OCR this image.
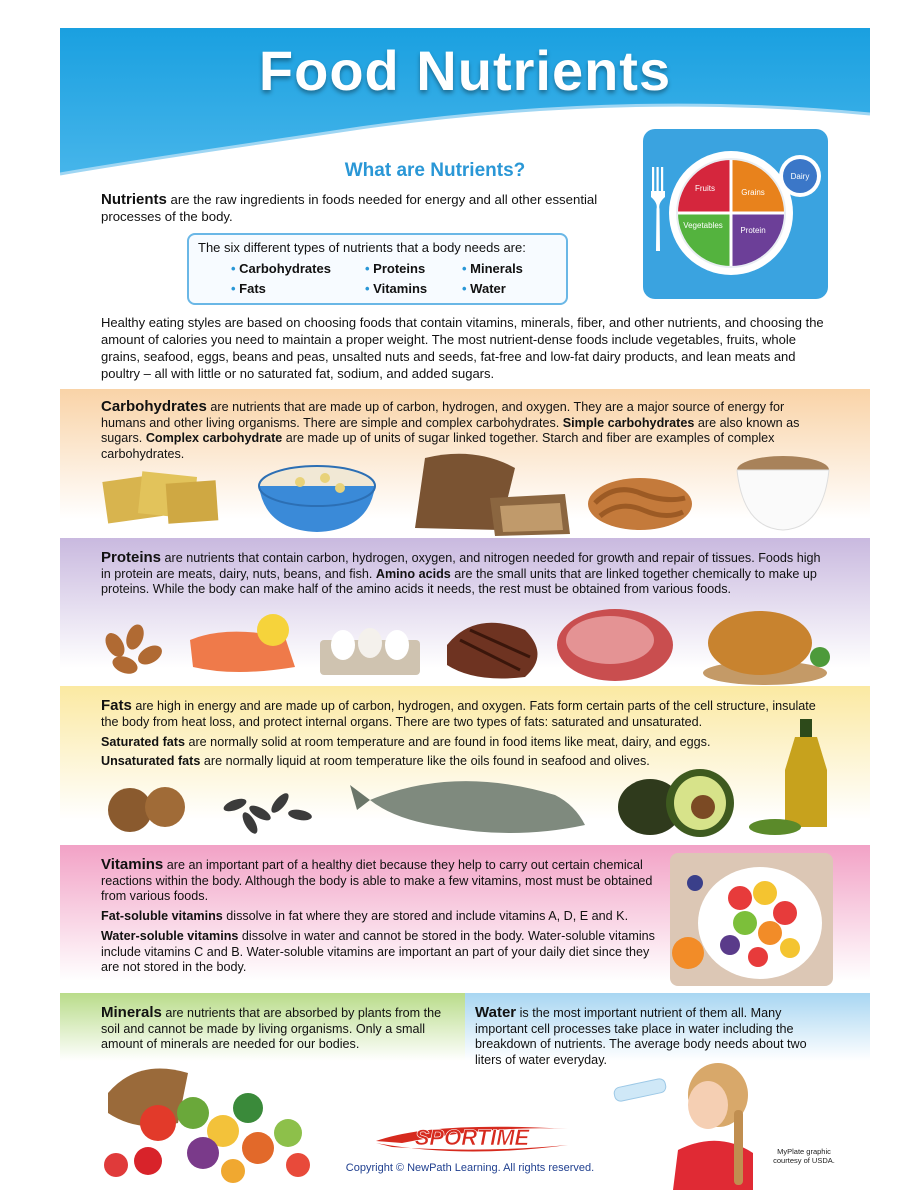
Food Nutrients
What are Nutrients?
Fruits	Grains
Vegetables
Protein
Dairy

Nutrients are the raw ingredients in foods needed for energy and all other essential processes of the body.

The six different types of nutrients that a body needs are:

• Carbohydrates	• Proteins	• Minerals
• Fats	• Vitamins	• Water

Healthy eating styles are based on choosing foods that contain vitamins, minerals, fiber, and other nutrients, and choosing the amount of calories you need to maintain a proper weight. The most nutrient-dense foods include vegetables, fruits, whole grains, seafood, eggs, beans and peas, unsalted nuts and seeds, fat-free and low-fat dairy products, and lean meats and poultry – all with little or no saturated fat, sodium, and added sugars.

Carbohydrates are nutrients that are made up of carbon, hydrogen, and oxygen. They are a major source of energy for humans and other living organisms. There are simple and complex carbohydrates. Simple carbohydrates are also known as sugars. Complex carbohydrate are made up of units of sugar linked together. Starch and fiber are examples of complex carbohydrates.

Proteins are nutrients that contain carbon, hydrogen, oxygen, and nitrogen needed for growth and repair of tissues. Foods high in protein are meats, dairy, nuts, beans, and fish. Amino acids are the small units that are linked together chemically to make up proteins. While the body can make half of the amino acids it needs, the rest must be obtained from various foods.

Fats are high in energy and are made up of carbon, hydrogen, and oxygen. Fats form certain parts of the cell structure, insulate the body from heat loss, and protect internal organs. There are two types of fats: saturated and unsaturated.

Saturated fats are normally solid at room temperature and are found in food items like meat, dairy, and eggs.

Unsaturated fats are normally liquid at room temperature like the oils found in seafood and olives.

Vitamins are an important part of a healthy diet because they help to carry out certain chemical reactions within the body. Although the body is able to make a few vitamins, most must be obtained from various foods.

Fat-soluble vitamins dissolve in fat where they are stored and include vitamins A, D, E and K.

Water-soluble vitamins dissolve in water and cannot be stored in the body. Water-soluble vitamins include vitamins C and B. Water-soluble vitamins are important an part of your daily diet since they are not stored in the body.

Minerals are nutrients that are absorbed by plants from the soil and cannot be made by living organisms. Only a small amount of minerals are needed for our bodies.

Water is the most important nutrient of them all. Many important cell processes take place in water including the breakdown of nutrients. The average body needs about two liters of water everyday.

SPORTIME
Copyright © NewPath Learning. All rights reserved.
MyPlate graphic courtesy of USDA.
